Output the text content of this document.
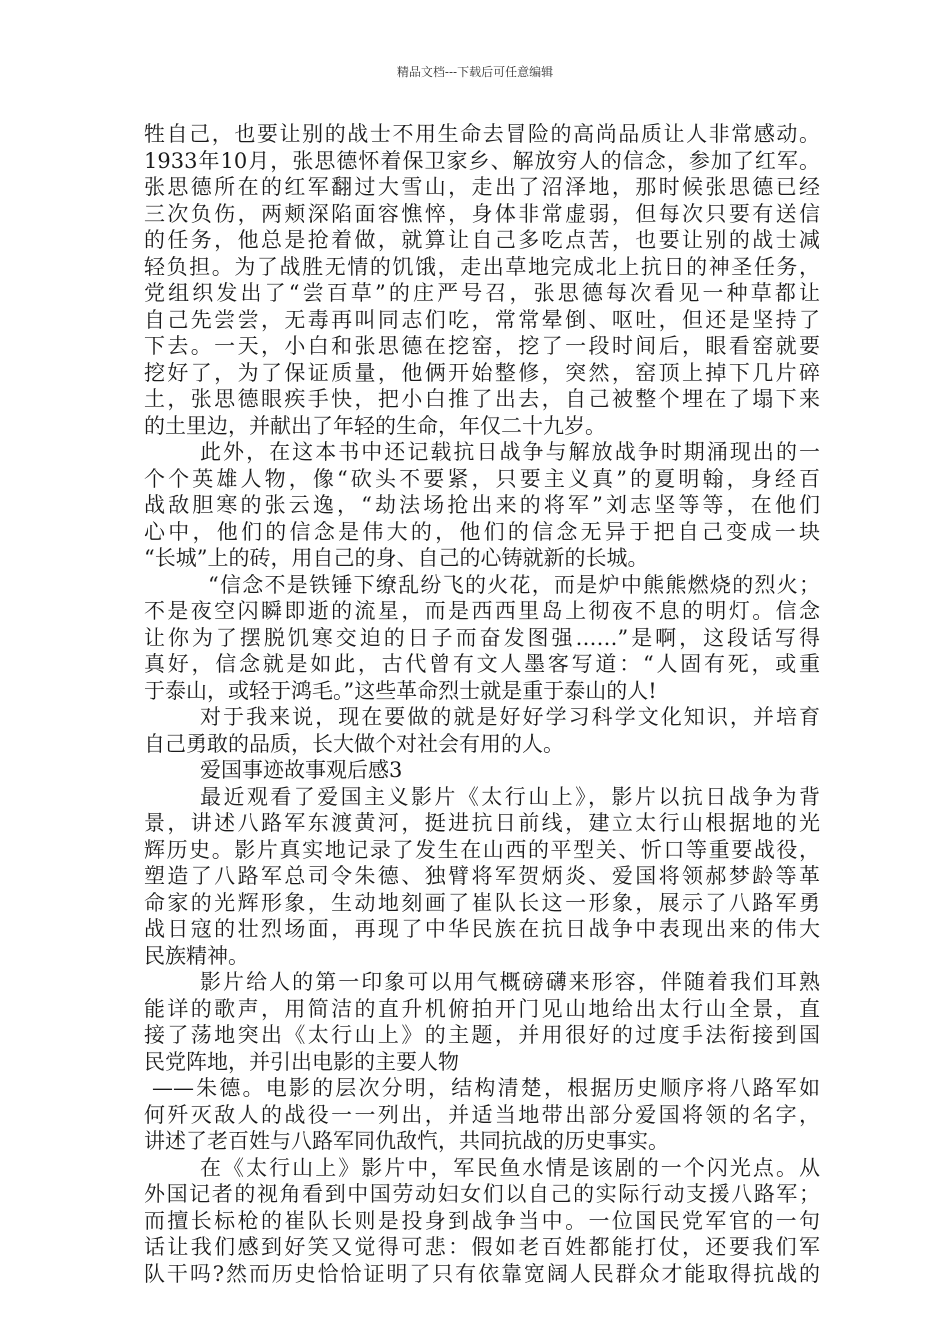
精品文档---下载后可任意编辑
牲自己，也要让别的战士不用生命去冒险的高尚品质让人非常感动。
1933年10月，张思德怀着保卫家乡、解放穷人的信念，参加了红军。
张思德所在的红军翻过大雪山，走出了沼泽地，那时候张思德已经
三次负伤，两颊深陷面容憔悴，身体非常虚弱，但每次只要有送信
的任务，他总是抢着做，就算让自己多吃点苦，也要让别的战士减
轻负担。为了战胜无情的饥饿，走出草地完成北上抗日的神圣任务，
党组织发出了“尝百草”的庄严号召，张思德每次看见一种草都让
自己先尝尝，无毒再叫同志们吃，常常晕倒、呕吐，但还是坚持了
下去。一天，小白和张思德在挖窑，挖了一段时间后，眼看窑就要
挖好了，为了保证质量，他俩开始整修，突然，窑顶上掉下几片碎
土，张思德眼疾手快，把小白推了出去，自己被整个埋在了塌下来
的土里边，并献出了年轻的生命，年仅二十九岁。
此外，在这本书中还记载抗日战争与解放战争时期涌现出的一
个个英雄人物，像“砍头不要紧，只要主义真”的夏明翰，身经百
战敌胆寒的张云逸，“劫法场抢出来的将军”刘志坚等等，在他们
心中，他们的信念是伟大的，他们的信念无异于把自己变成一块
“长城”上的砖，用自己的身、自己的心铸就新的长城。
“信念不是铁锤下缭乱纷飞的火花，而是炉中熊熊燃烧的烈火；
不是夜空闪瞬即逝的流星，而是西西里岛上彻夜不息的明灯。信念
让你为了摆脱饥寒交迫的日子而奋发图强……”是啊，这段话写得
真好，信念就是如此，古代曾有文人墨客写道：“人固有死，或重
于泰山，或轻于鸿毛。”这些革命烈士就是重于泰山的人!
对于我来说，现在要做的就是好好学习科学文化知识，并培育
自己勇敢的品质，长大做个对社会有用的人。
爱国事迹故事观后感3
最近观看了爱国主义影片《太行山上》，影片以抗日战争为背
景，讲述八路军东渡黄河，挺进抗日前线，建立太行山根据地的光
辉历史。影片真实地记录了发生在山西的平型关、忻口等重要战役，
塑造了八路军总司令朱德、独臂将军贺炳炎、爱国将领郝梦龄等革
命家的光辉形象，生动地刻画了崔队长这一形象，展示了八路军勇
战日寇的壮烈场面，再现了中华民族在抗日战争中表现出来的伟大
民族精神。
影片给人的第一印象可以用气概磅礴来形容，伴随着我们耳熟
能详的歌声，用简洁的直升机俯拍开门见山地给出太行山全景，直
接了荡地突出《太行山上》的主题，并用很好的过度手法衔接到国
民党阵地，并引出电影的主要人物
——朱德。电影的层次分明，结构清楚，根据历史顺序将八路军如
何歼灭敌人的战役一一列出，并适当地带出部分爱国将领的名字，
讲述了老百姓与八路军同仇敌忾，共同抗战的历史事实。
在《太行山上》影片中，军民鱼水情是该剧的一个闪光点。从
外国记者的视角看到中国劳动妇女们以自己的实际行动支援八路军；
而擅长标枪的崔队长则是投身到战争当中。一位国民党军官的一句
话让我们感到好笑又觉得可悲：假如老百姓都能打仗，还要我们军
队干吗?然而历史恰恰证明了只有依靠宽阔人民群众才能取得抗战的
